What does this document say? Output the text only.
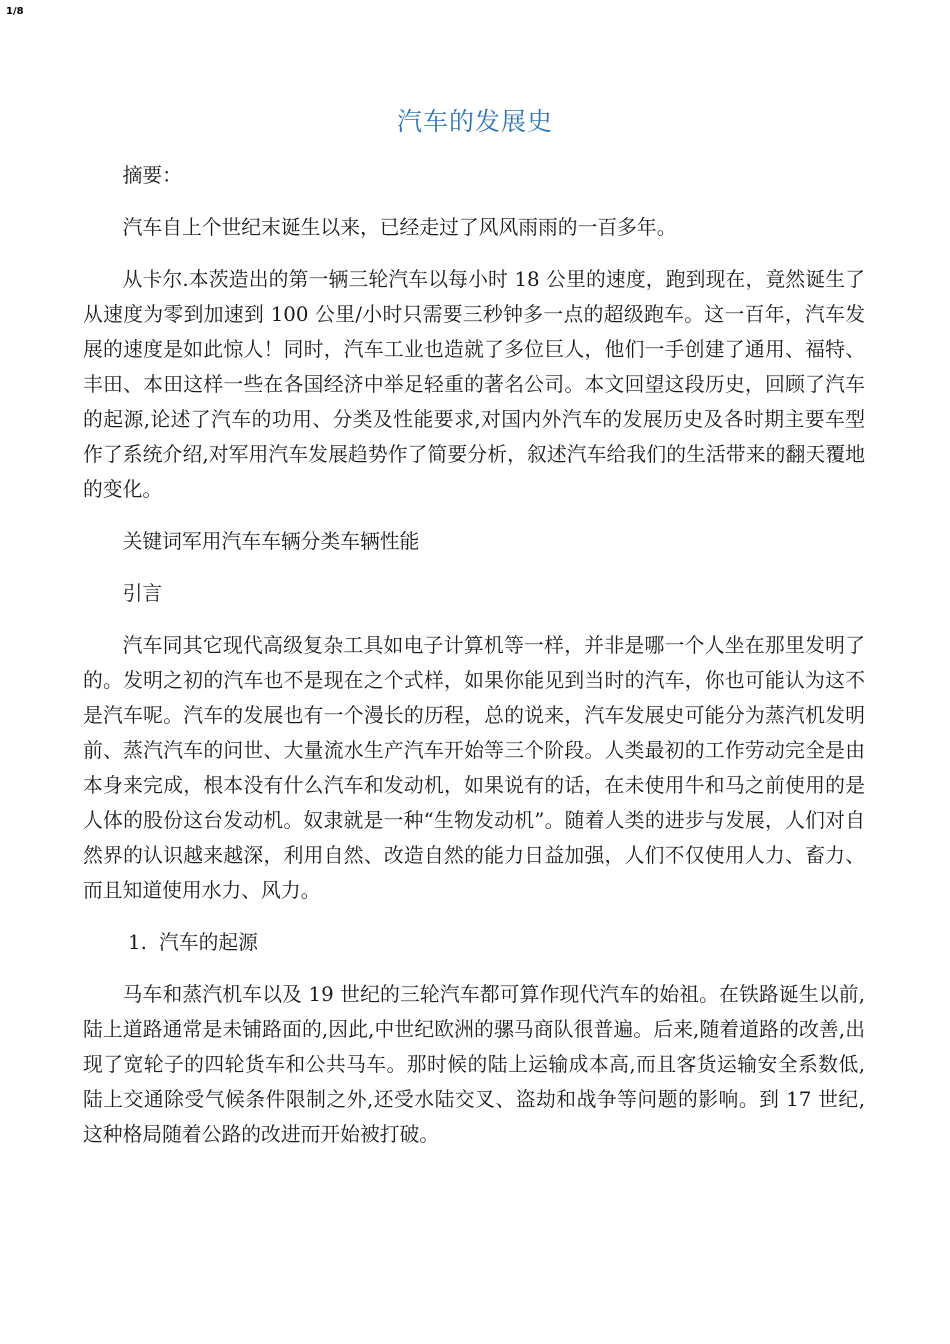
1/8
汽车的发展史

摘要：

汽车自上个世纪末诞生以来，已经走过了风风雨雨的一百多年。

从卡尔.本茨造出的第一辆三轮汽车以每小时 18 公里的速度，跑到现在，竟然诞生了从速度为零到加速到 100 公里/小时只需要三秒钟多一点的超级跑车。这一百年，汽车发展的速度是如此惊人！同时，汽车工业也造就了多位巨人，他们一手创建了通用、福特、丰田、本田这样一些在各国经济中举足轻重的著名公司。本文回望这段历史，回顾了汽车的起源,论述了汽车的功用、分类及性能要求,对国内外汽车的发展历史及各时期主要车型作了系统介绍,对军用汽车发展趋势作了简要分析，叙述汽车给我们的生活带来的翻天覆地的变化。

关键词军用汽车车辆分类车辆性能

引言

汽车同其它现代高级复杂工具如电子计算机等一样，并非是哪一个人坐在那里发明了的。发明之初的汽车也不是现在之个式样，如果你能见到当时的汽车，你也可能认为这不是汽车呢。汽车的发展也有一个漫长的历程，总的说来，汽车发展史可能分为蒸汽机发明前、蒸汽汽车的问世、大量流水生产汽车开始等三个阶段。人类最初的工作劳动完全是由本身来完成，根本没有什么汽车和发动机，如果说有的话，在未使用牛和马之前使用的是人体的股份这台发动机。奴隶就是一种“生物发动机”。随着人类的进步与发展，人们对自然界的认识越来越深，利用自然、改造自然的能力日益加强，人们不仅使用人力、畜力、而且知道使用水力、风力。

1. 汽车的起源

马车和蒸汽机车以及 19 世纪的三轮汽车都可算作现代汽车的始祖。在铁路诞生以前,陆上道路通常是未铺路面的,因此,中世纪欧洲的骡马商队很普遍。后来,随着道路的改善,出现了宽轮子的四轮货车和公共马车。那时候的陆上运输成本高,而且客货运输安全系数低,陆上交通除受气候条件限制之外,还受水陆交叉、盗劫和战争等问题的影响。到 17 世纪,这种格局随着公路的改进而开始被打破。
